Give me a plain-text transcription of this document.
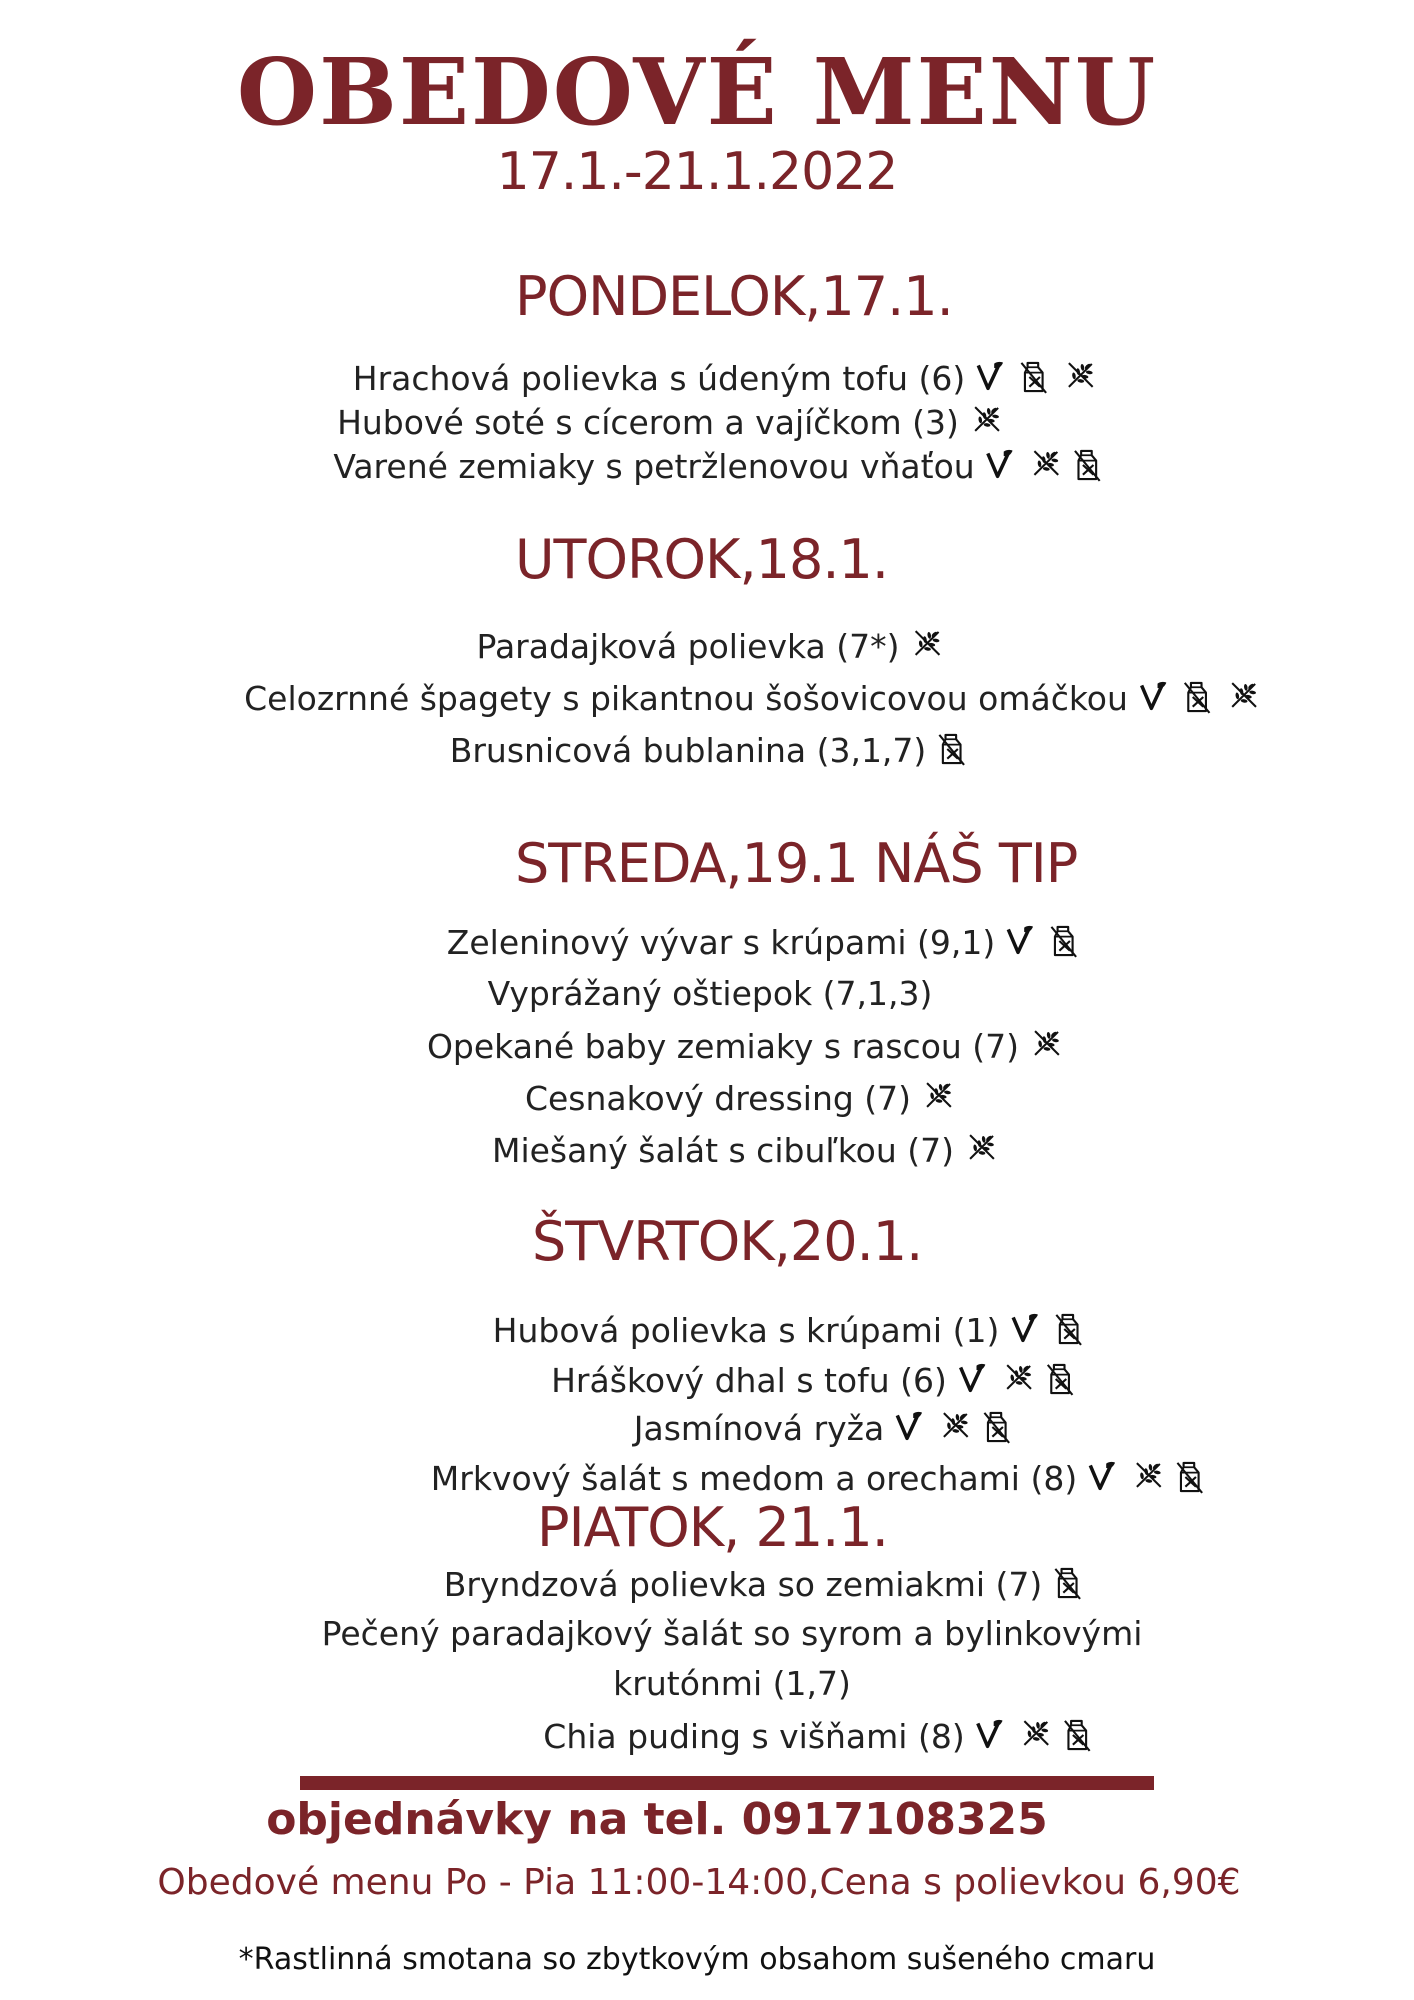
OBEDOVÉ MENU
17.1.-21.1.2022
PONDELOK,17.1.
Hrachová polievka s údeným tofu (6)
Hubové soté s cícerom a vajíčkom (3)
Varené zemiaky s petržlenovou vňaťou
UTOROK,18.1.
Paradajková polievka (7*)
Celozrnné špagety s pikantnou šošovicovou omáčkou
Brusnicová bublanina (3,1,7)
STREDA,19.1 NÁŠ TIP
Zeleninový vývar s krúpami (9,1)
Vyprážaný oštiepok (7,1,3)
Opekané baby zemiaky s rascou (7)
Cesnakový dressing (7)
Miešaný šalát s cibuľkou (7)
ŠTVRTOK,20.1.
Hubová polievka s krúpami (1)
Hráškový dhal s tofu (6)
Jasmínová ryža
Mrkvový šalát s medom a orechami (8)
PIATOK, 21.1.
Bryndzová polievka so zemiakmi (7)
Pečený paradajkový šalát so syrom a bylinkovými
krutónmi (1,7)
Chia puding s višňami (8)
objednávky na tel. 0917108325
Obedové menu Po - Pia 11:00-14:00,Cena s polievkou 6,90€
*Rastlinná smotana so zbytkovým obsahom sušeného cmaru
